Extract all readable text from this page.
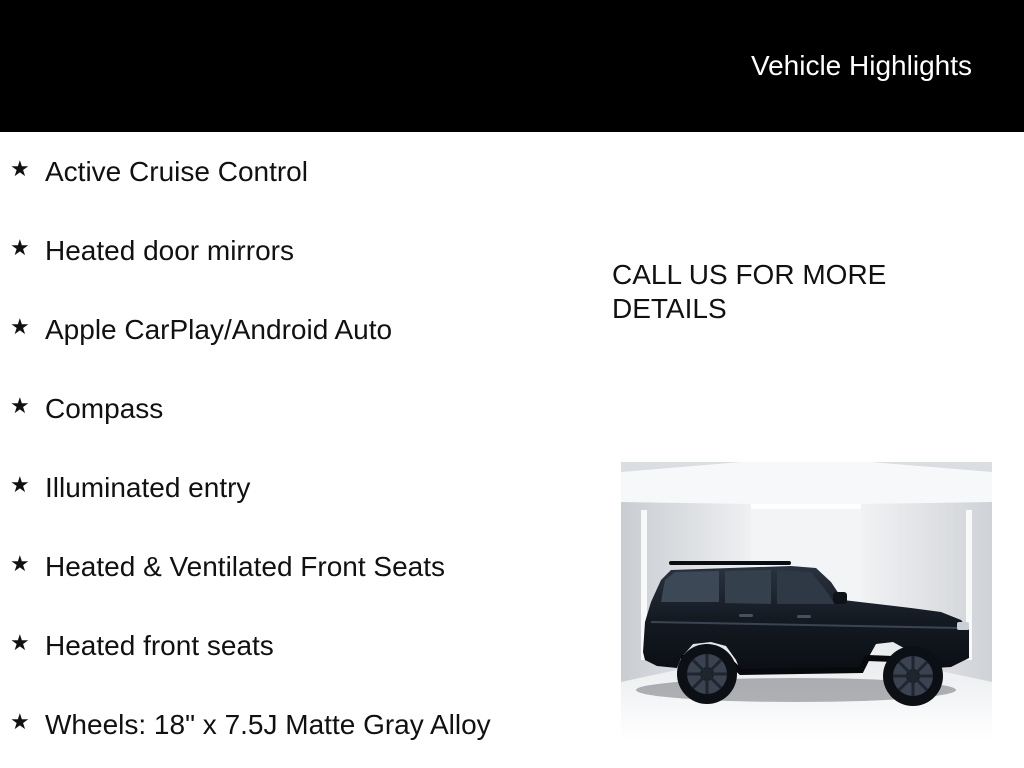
Vehicle Highlights
★ Active Cruise Control
★ Heated door mirrors
★ Apple CarPlay/Android Auto
★ Compass
★ Illuminated entry
★ Heated & Ventilated Front Seats
★ Heated front seats
★ Wheels: 18" x 7.5J Matte Gray Alloy
CALL US FOR MORE DETAILS
